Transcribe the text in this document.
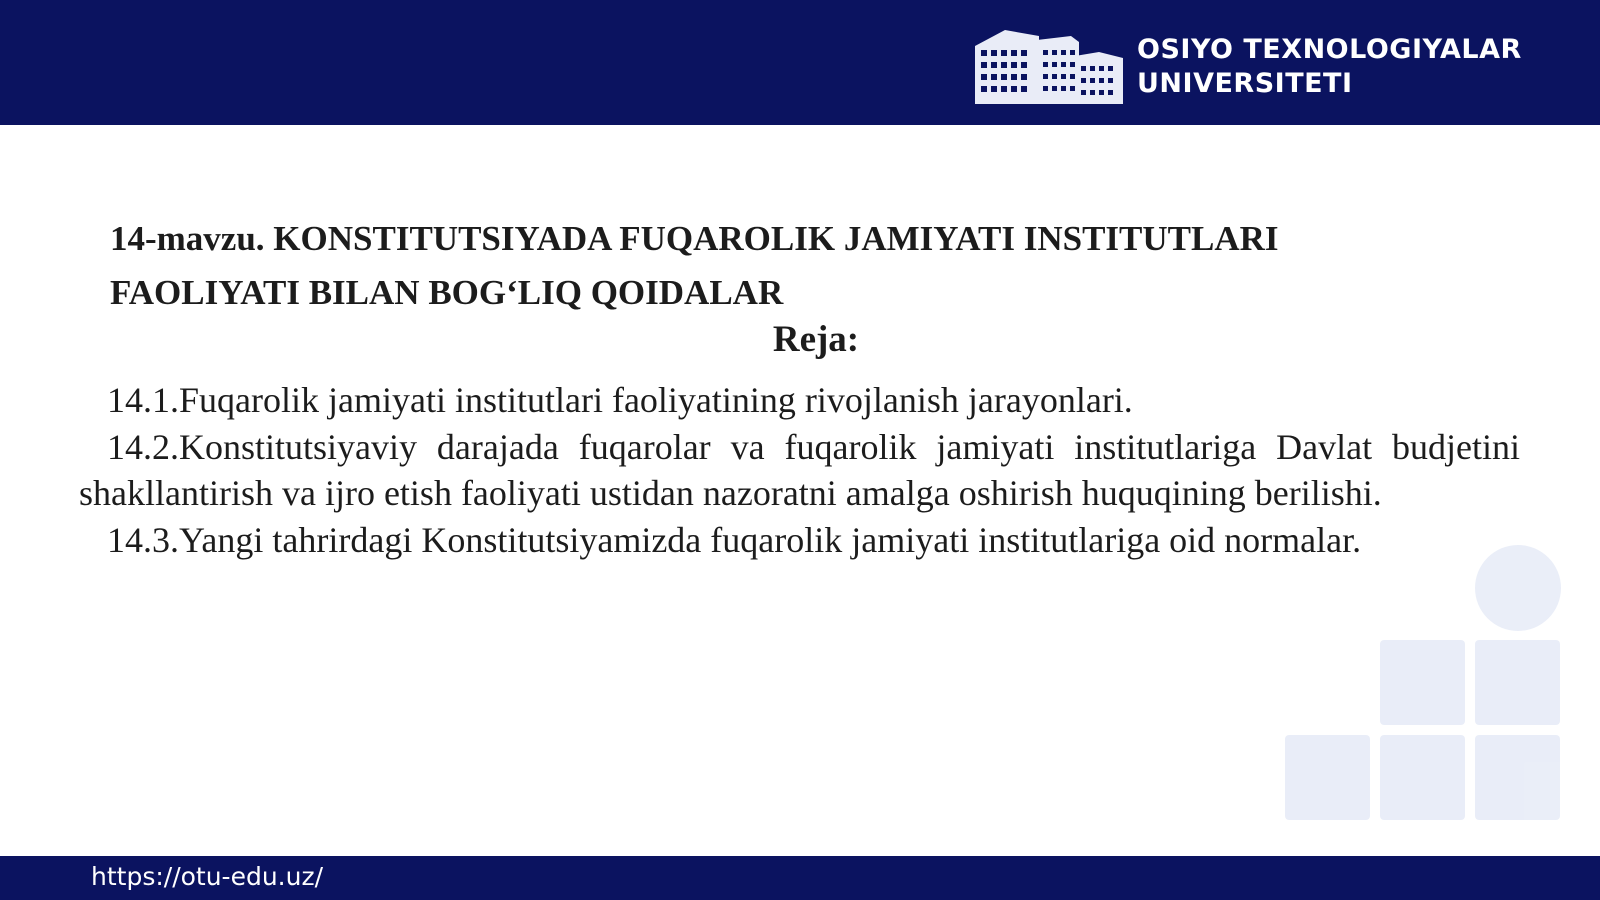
OSIYO TEXNOLOGIYALAR
UNIVERSITETI
14-mavzu. KONSTITUTSIYADA FUQAROLIK JAMIYATI INSTITUTLARI
FAOLIYATI BILAN BOG‘LIQ QOIDALAR
Reja:

14.1.Fuqarolik jamiyati institutlari faoliyatining rivojlanish jarayonlari.

14.2.Konstitutsiyaviy darajada fuqarolar va fuqarolik jamiyati institutlariga Davlat budjetini shakllantirish va ijro etish faoliyati ustidan nazoratni amalga oshirish huquqining berilishi.

14.3.Yangi tahrirdagi Konstitutsiyamizda fuqarolik jamiyati institutlariga oid normalar.

https://otu-edu.uz/
